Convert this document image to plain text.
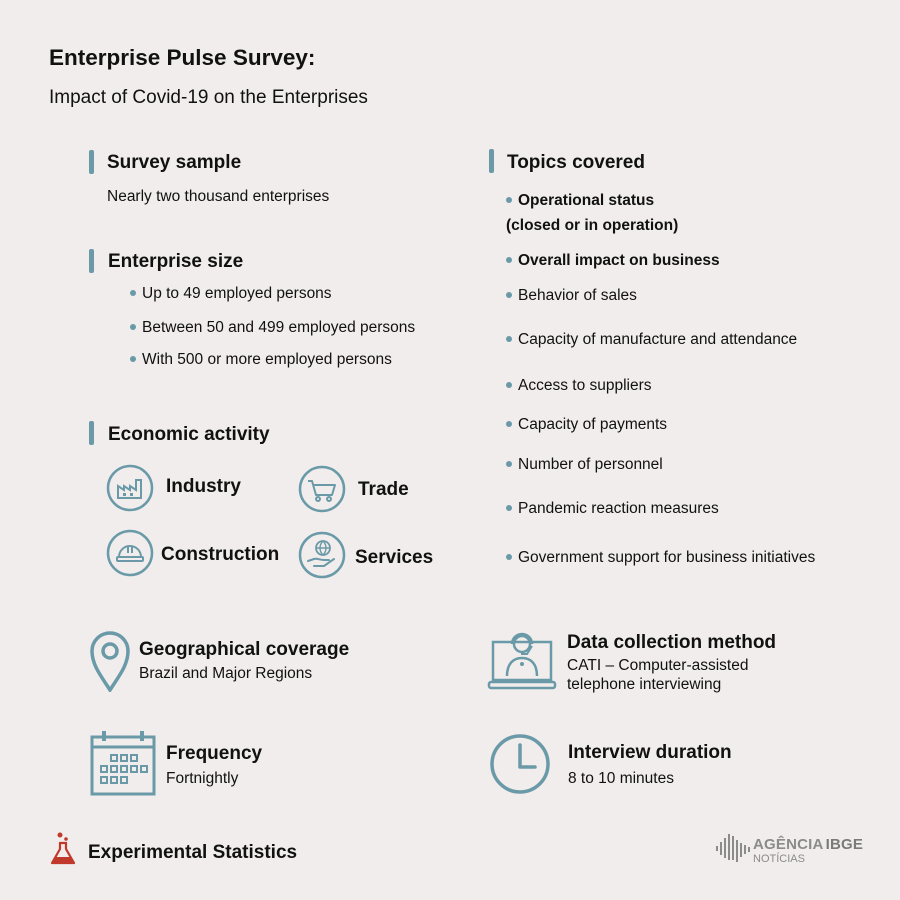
Enterprise Pulse Survey:
Impact of Covid-19 on the Enterprises
Survey sample
Nearly two thousand enterprises
Enterprise size
Up to 49 employed persons
Between 50 and 499 employed persons
With 500 or more employed persons
Economic activity
Industry	Trade
Construction	Services
Topics covered
Operational status
(closed or in operation)
Overall impact on business
Behavior of sales
Capacity of manufacture and attendance
Access to suppliers
Capacity of payments
Number of personnel
Pandemic reaction measures
Government support for business initiatives
Geographical coverage
Brazil and Major Regions
Data collection method
CATI – Computer-assisted
telephone interviewing
Frequency
Fortnightly
Interview duration
8 to 10 minutes
Experimental Statistics	AGÊNCIA IBGE
NOTÍCIAS
